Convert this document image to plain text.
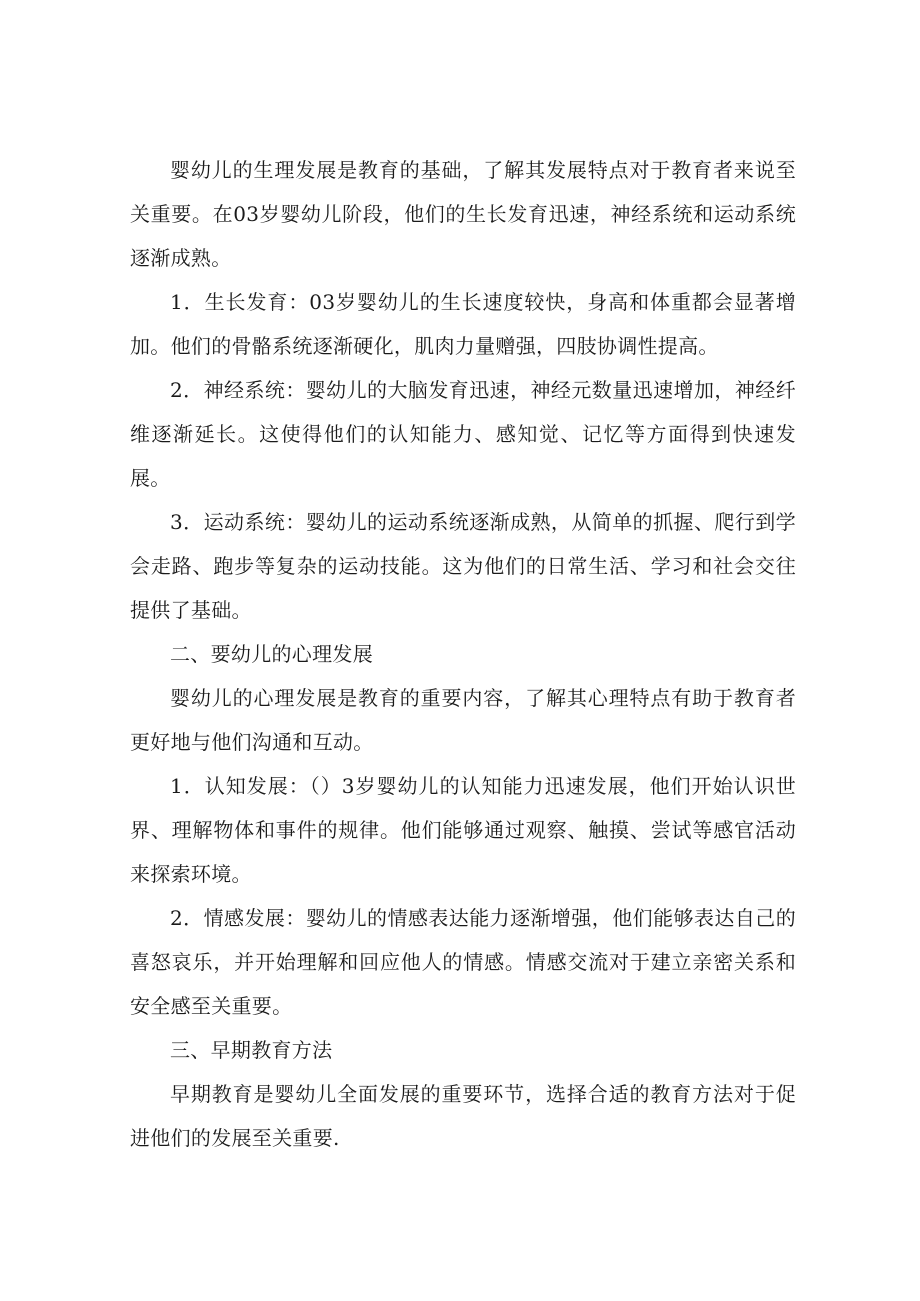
婴幼儿的生理发展是教育的基础，了解其发展特点对于教育者来说至关重要。在03岁婴幼儿阶段，他们的生长发育迅速，神经系统和运动系统逐渐成熟。

1．生长发育：03岁婴幼儿的生长速度较快，身高和体重都会显著增加。他们的骨骼系统逐渐硬化，肌肉力量赠强，四肢协调性提高。

2．神经系统：婴幼儿的大脑发育迅速，神经元数量迅速增加，神经纤维逐渐延长。这使得他们的认知能力、感知觉、记忆等方面得到快速发展。

3．运动系统：婴幼儿的运动系统逐渐成熟，从简单的抓握、爬行到学会走路、跑步等复杂的运动技能。这为他们的日常生活、学习和社会交往提供了基础。

二、要幼儿的心理发展

婴幼儿的心理发展是教育的重要内容，了解其心理特点有助于教育者更好地与他们沟通和互动。

1．认知发展：（）3岁婴幼儿的认知能力迅速发展，他们开始认识世界、理解物体和事件的规律。他们能够通过观察、触摸、尝试等感官活动来探索环境。

2．情感发展：婴幼儿的情感表达能力逐渐增强，他们能够表达自己的喜怒哀乐，并开始理解和回应他人的情感。情感交流对于建立亲密关系和安全感至关重要。

三、早期教育方法

早期教育是婴幼儿全面发展的重要环节，选择合适的教育方法对于促进他们的发展至关重要.
